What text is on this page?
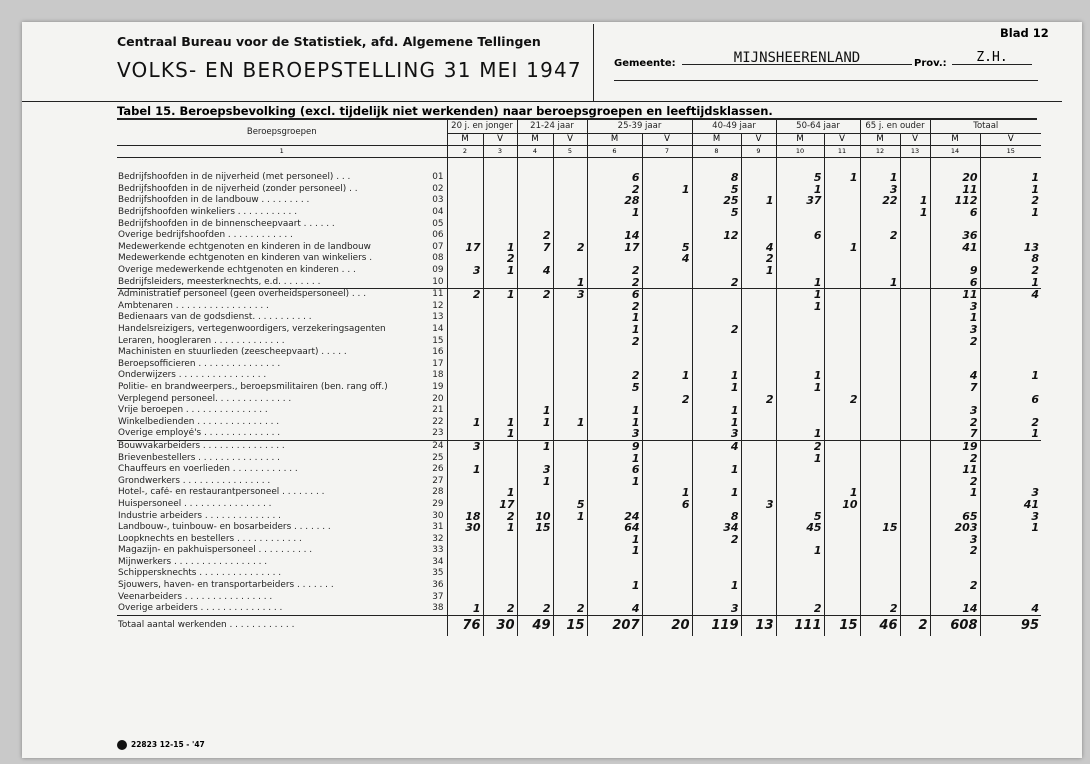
Centraal Bureau voor de Statistiek, afd. Algemene Tellingen
VOLKS- EN BEROEPSTELLING 31 MEI 1947
Blad 12
Gemeente:	MIJNSHEERENLAND	Prov.:	Z.H.
Tabel 15. Beroepsbevolking (excl. tijdelijk niet werkenden) naar beroepsgroepen en leeftijdsklassen.
Beroepsgroepen		20 j. en jonger		21-24 jaar		25-39 jaar		40-49 jaar		50-64 jaar		65 j. en ouder		Totaal	
		M	V	M	V	M	V	M	V	M	V	M	V	M	V
1		2	3	4	5	6	7	8	9	10	11	12	13	14	15

Bedrijfshoofden in de nijverheid (met personeel) . . .	01					6		8		5	1	1		20	1
Bedrijfshoofden in de nijverheid (zonder personeel) . .	02					2	1	5		1		3		11	1
Bedrijfshoofden in de landbouw . . . . . . . . .	03					28		25	1	37		22	1	112	2
Bedrijfshoofden winkeliers . . . . . . . . . . .	04					1		5					1	6	1
Bedrijfshoofden in de binnenscheepvaart . . . . . .	05														
Overige bedrijfshoofden . . . . . . . . . . . .	06			2		14		12		6		2		36	
Medewerkende echtgenoten en kinderen in de landbouw	07	17	1	7	2	17	5		4		1			41	13
Medewerkende echtgenoten en kinderen van winkeliers .	08		2				4		2						8
Overige medewerkende echtgenoten en kinderen . . .	09	3	1	4		2			1					9	2
Bedrijfsleiders, meesterknechts, e.d. . . . . . . .	10				1	2		2		1		1		6	1
Administratief personeel (geen overheidspersoneel) . . .	11	2	1	2	3	6				1				11	4
Ambtenaren . . . . . . . . . . . . . . . . .	12					2				1				3	
Bedienaars van de godsdienst. . . . . . . . . . .	13					1								1	
Handelsreizigers, vertegenwoordigers, verzekeringsagenten	14					1		2						3	
Leraren, hoogleraren . . . . . . . . . . . . .	15					2								2	
Machinisten en stuurlieden (zeescheepvaart) . . . . .	16														
Beroepsofficieren . . . . . . . . . . . . . . .	17														
Onderwijzers . . . . . . . . . . . . . . . .	18					2	1	1		1				4	1
Politie- en brandweerpers., beroepsmilitairen (ben. rang off.)	19					5		1		1				7	
Verplegend personeel. . . . . . . . . . . . . .	20						2		2		2				6
Vrije beroepen . . . . . . . . . . . . . . .	21			1		1		1						3	
Winkelbedienden . . . . . . . . . . . . . . .	22	1	1	1	1	1		1						2	2
Overige employé's . . . . . . . . . . . . . .	23		1			3		3		1				7	1
Bouwvakarbeiders . . . . . . . . . . . . . . .	24	3		1		9		4		2				19	
Brievenbestellers . . . . . . . . . . . . . . .	25					1				1				2	
Chauffeurs en voerlieden . . . . . . . . . . . .	26	1		3		6		1						11	
Grondwerkers . . . . . . . . . . . . . . . .	27			1		1								2	
Hotel-, café- en restaurantpersoneel . . . . . . . .	28		1				1	1			1			1	3
Huispersoneel . . . . . . . . . . . . . . . .	29		17		5		6		3		10				41
Industrie arbeiders . . . . . . . . . . . . . .	30	18	2	10	1	24		8		5				65	3
Landbouw-, tuinbouw- en bosarbeiders . . . . . . .	31	30	1	15		64		34		45		15		203	1
Loopknechts en bestellers . . . . . . . . . . . .	32					1		2						3	
Magazijn- en pakhuispersoneel . . . . . . . . . .	33					1				1				2	
Mijnwerkers . . . . . . . . . . . . . . . . .	34														
Schippersknechts . . . . . . . . . . . . . . .	35														
Sjouwers, haven- en transportarbeiders . . . . . . .	36					1		1						2	
Veenarbeiders . . . . . . . . . . . . . . . .	37														
Overige arbeiders . . . . . . . . . . . . . . .	38	1	2	2	2	4		3		2		2		14	4
Totaal aantal werkenden . . . . . . . . . . . .		76	30	49	15	207	20	119	13	111	15	46	2	608	95
22823 12-15 - '47
